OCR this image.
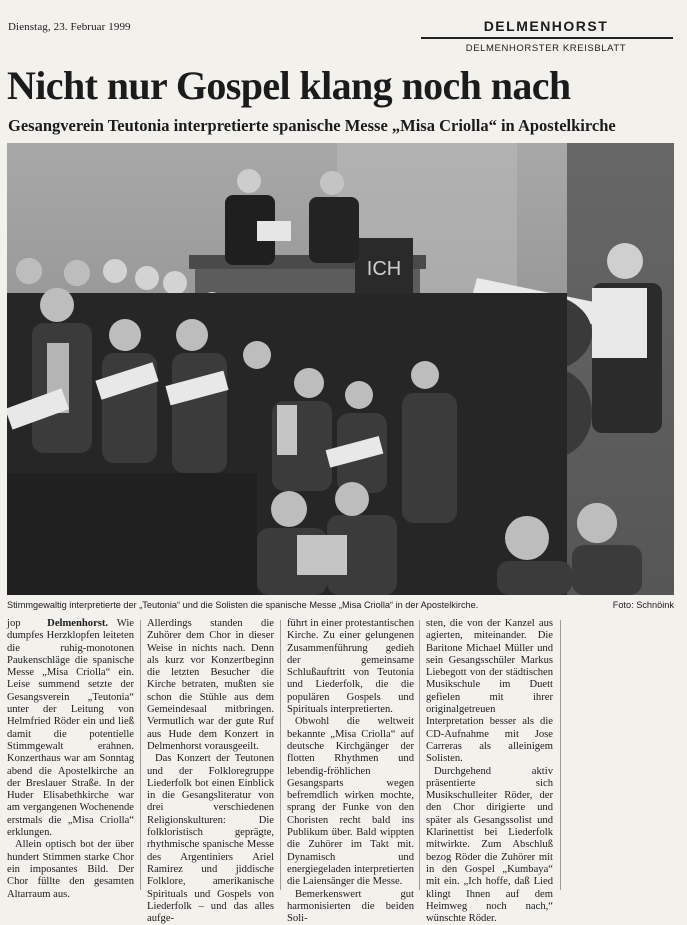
Dienstag, 23. Februar 1999	DELMENHORST
DELMENHORSTER KREISBLATT
Nicht nur Gospel klang noch nach
Gesangverein Teutonia interpretierte spanische Messe „Misa Criolla“ in Apostelkirche
ICH
Stimmgewaltig interpretierte der „Teutonia“ und die Solisten die spanische Messe „Misa Criolla“ in der Apostelkirche.	Foto: Schnöink

jop	Delmenhorst. Wie dumpfes Herzklopfen leiteten die ruhig-monotonen Paukenschläge die spanische Messe „Misa Criolla“ ein. Leise summend setzte der Gesangsverein „Teutonia“ unter der Leitung von Helmfried Röder ein und ließ damit die potentielle Stimmgewalt erahnen. Konzerthaus war am Sonntag abend die Apostelkirche an der Breslauer Straße. In der Huder Elisabethkirche war am vergangenen Wochenende erstmals die „Misa Criolla“ erklungen.

Allein optisch bot der über hundert Stimmen starke Chor ein imposantes Bild. Der Chor füllte den gesamten Altarraum aus.

Allerdings standen die Zuhörer dem Chor in dieser Weise in nichts nach. Denn als kurz vor Konzertbeginn die letzten Besucher die Kirche betraten, mußten sie schon die Stühle aus dem Gemeindesaal mitbringen. Vermutlich war der gute Ruf aus Hude dem Konzert in Delmenhorst vorausgeeilt.

Das Konzert der Teutonen und der Folkloregruppe Liederfolk bot einen Einblick in die Gesangsliteratur von drei verschiedenen Religionskulturen: Die folkloristisch geprägte, rhythmische spanische Messe des Argentiniers Ariel Ramirez und jiddische Folklore, amerikanische Spirituals und Gospels von Liederfolk – und das alles aufge-

führt in einer protestantischen Kirche. Zu einer gelungenen Zusammenführung gedieh der gemeinsame Schlußauftritt von Teutonia und Liederfolk, die die populären Gospels und Spirituals interpretierten.

Obwohl die weltweit bekannte „Misa Criolla“ auf deutsche Kirchgänger der flotten Rhythmen und lebendig-fröhlichen Gesangsparts wegen befremdlich wirken mochte, sprang der Funke von den Choristen recht bald ins Publikum über. Bald wippten die Zuhörer im Takt mit. Dynamisch und energiegeladen interpretierten die Laiensänger die Messe.

Bemerkenswert gut harmonisierten die beiden Soli-

sten, die von der Kanzel aus agierten, miteinander. Die Baritone Michael Müller und sein Gesangsschüler Markus Liebegott von der städtischen Musikschule im Duett gefielen mit ihrer originalgetreuen Interpretation besser als die CD-Aufnahme mit Jose Carreras als alleinigem Solisten.

Durchgehend aktiv präsentierte sich Musikschulleiter Röder, der den Chor dirigierte und später als Gesangssolist und Klarinettist bei Liederfolk mitwirkte. Zum Abschluß bezog Röder die Zuhörer mit in den Gospel „Kumbaya“ mit ein. „Ich hoffe, daß Lied klingt Ihnen auf dem Heimweg noch nach,“ wünschte Röder.
